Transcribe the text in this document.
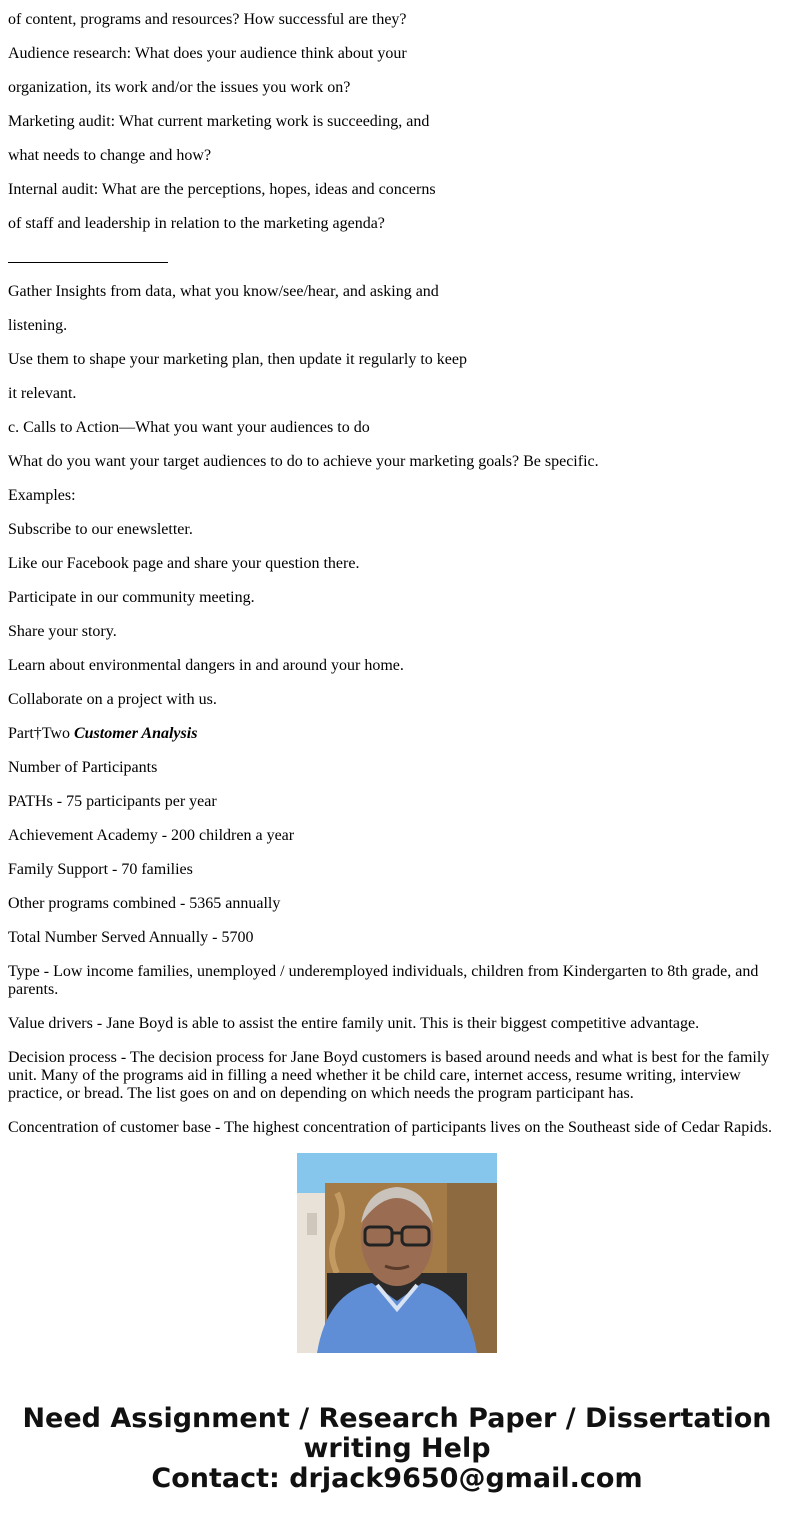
of content, programs and resources? How successful are they?
Audience research: What does your audience think about your
organization, its work and/or the issues you work on?
Marketing audit: What current marketing work is succeeding, and
what needs to change and how?
Internal audit: What are the perceptions, hopes, ideas and concerns
of staff and leadership in relation to the marketing agenda?
Gather Insights from data, what you know/see/hear, and asking and
listening.
Use them to shape your marketing plan, then update it regularly to keep
it relevant.
c. Calls to Action—What you want your audiences to do
What do you want your target audiences to do to achieve your marketing goals? Be specific.
Examples:
Subscribe to our enewsletter.
Like our Facebook page and share your question there.
Participate in our community meeting.
Share your story.
Learn about environmental dangers in and around your home.
Collaborate on a project with us.
Part†Two Customer Analysis
Number of Participants
PATHs - 75 participants per year
Achievement Academy - 200 children a year
Family Support - 70 families
Other programs combined - 5365 annually
Total Number Served Annually - 5700
Type - Low income families, unemployed / underemployed individuals, children from Kindergarten to 8th grade, and parents.
Value drivers - Jane Boyd is able to assist the entire family unit. This is their biggest competitive advantage.
Decision process - The decision process for Jane Boyd customers is based around needs and what is best for the family unit. Many of the programs aid in filling a need whether it be child care, internet access, resume writing, interview practice, or bread. The list goes on and on depending on which needs the program participant has.
Concentration of customer base - The highest concentration of participants lives on the Southeast side of Cedar Rapids.
Need Assignment / Research Paper / Dissertation
writing Help
Contact: drjack9650@gmail.com
